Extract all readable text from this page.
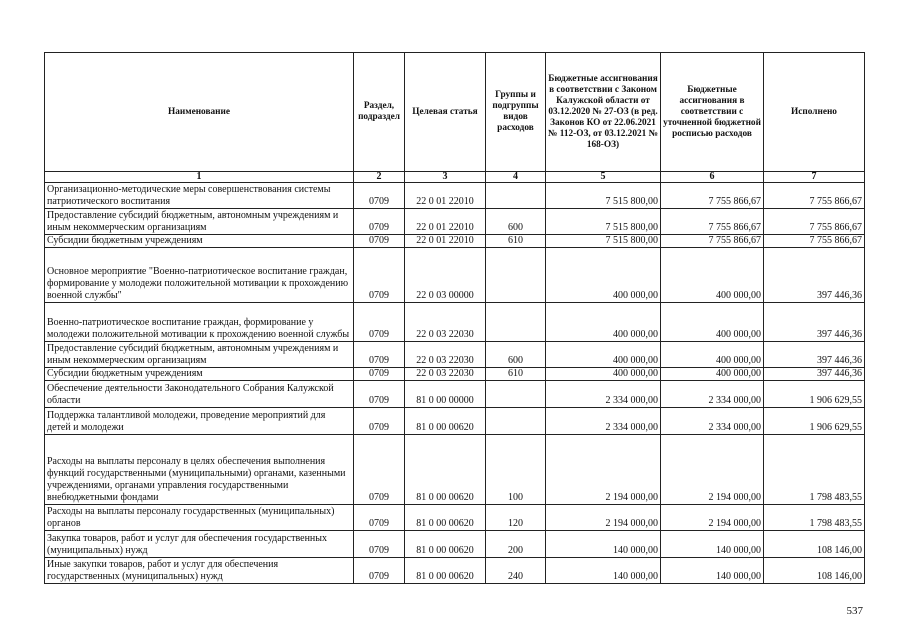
Наименование	Раздел, подраздел	Целевая статья	Группы и подгруппы видов расходов	Бюджетные ассигнования в соответствии с Законом Калужской области от 03.12.2020 № 27-ОЗ (в ред. Законов КО от 22.06.2021 № 112-ОЗ, от 03.12.2021 № 168-ОЗ)	Бюджетные ассигнования в соответствии с уточненной бюджетной росписью расходов	Исполнено
1	2	3	4	5	6	7
Организационно-методические меры совершенствования системы патриотического воспитания	0709	22 0 01 22010		7 515 800,00	7 755 866,67	7 755 866,67
Предоставление субсидий бюджетным, автономным учреждениям и иным некоммерческим организациям	0709	22 0 01 22010	600	7 515 800,00	7 755 866,67	7 755 866,67
Субсидии бюджетным учреждениям	0709	22 0 01 22010	610	7 515 800,00	7 755 866,67	7 755 866,67
Основное мероприятие "Военно-патриотическое воспитание граждан, формирование у молодежи положительной мотивации к прохождению военной службы"	0709	22 0 03 00000		400 000,00	400 000,00	397 446,36
Военно-патриотическое воспитание граждан, формирование у молодежи положительной мотивации к прохождению военной службы	0709	22 0 03 22030		400 000,00	400 000,00	397 446,36
Предоставление субсидий бюджетным, автономным учреждениям и иным некоммерческим организациям	0709	22 0 03 22030	600	400 000,00	400 000,00	397 446,36
Субсидии бюджетным учреждениям	0709	22 0 03 22030	610	400 000,00	400 000,00	397 446,36
Обеспечение деятельности Законодательного Собрания Калужской области	0709	81 0 00 00000		2 334 000,00	2 334 000,00	1 906 629,55
Поддержка талантливой молодежи, проведение мероприятий для детей и молодежи	0709	81 0 00 00620		2 334 000,00	2 334 000,00	1 906 629,55
Расходы на выплаты персоналу в целях обеспечения выполнения функций государственными (муниципальными) органами, казенными учреждениями, органами управления государственными внебюджетными фондами	0709	81 0 00 00620	100	2 194 000,00	2 194 000,00	1 798 483,55
Расходы на выплаты персоналу государственных (муниципальных) органов	0709	81 0 00 00620	120	2 194 000,00	2 194 000,00	1 798 483,55
Закупка товаров, работ и услуг для обеспечения государственных (муниципальных) нужд	0709	81 0 00 00620	200	140 000,00	140 000,00	108 146,00
Иные закупки товаров, работ и услуг для обеспечения государственных (муниципальных) нужд	0709	81 0 00 00620	240	140 000,00	140 000,00	108 146,00
537
